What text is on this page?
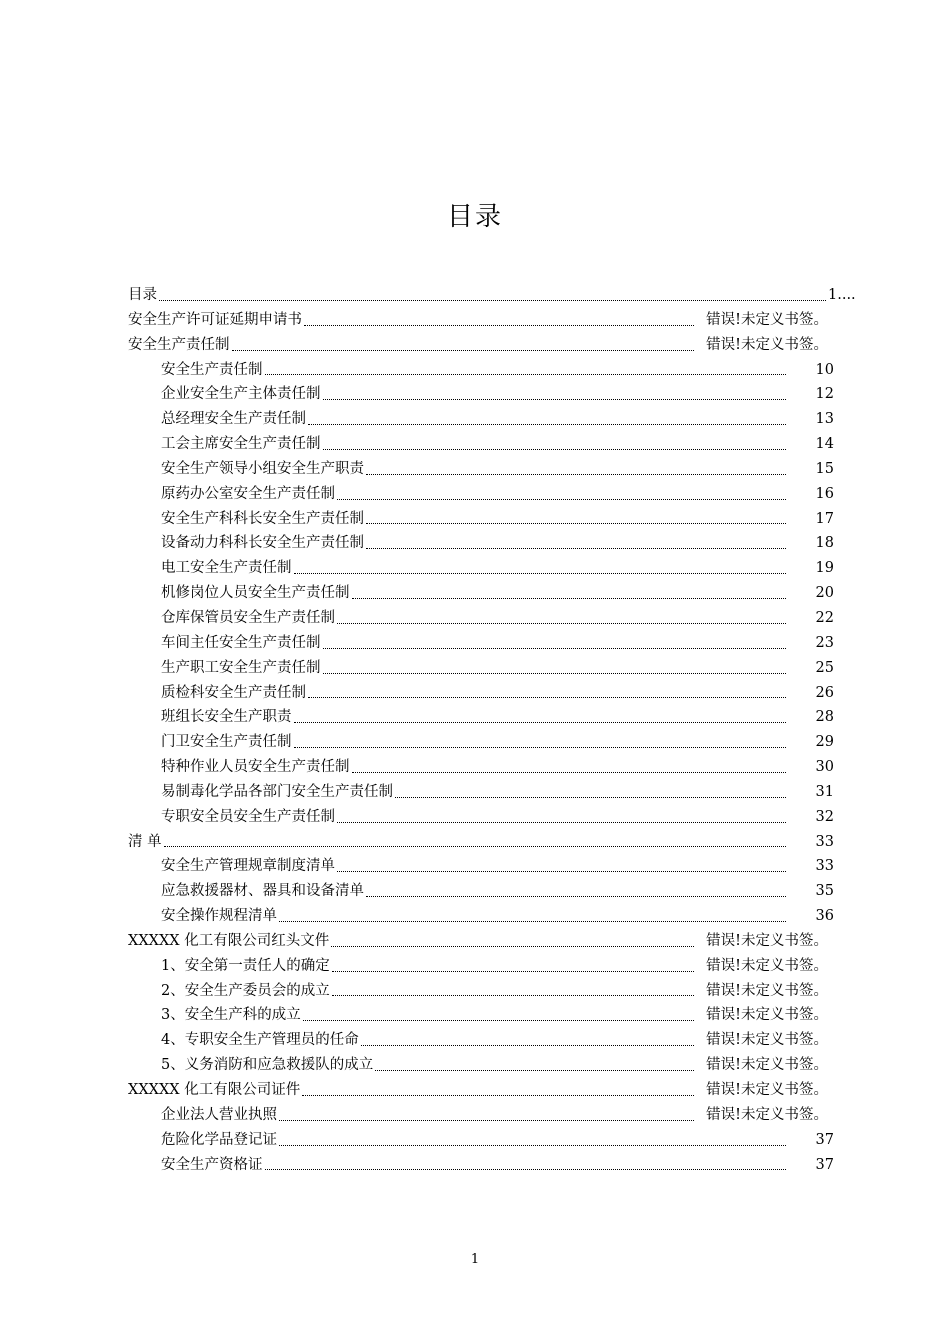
目录
目录	1....
安全生产许可证延期申请书	错误!未定义书签。
安全生产责任制	错误!未定义书签。
安全生产责任制	10
企业安全生产主体责任制	12
总经理安全生产责任制	13
工会主席安全生产责任制	14
安全生产领导小组安全生产职责	15
原药办公室安全生产责任制	16
安全生产科科长安全生产责任制	17
设备动力科科长安全生产责任制	18
电工安全生产责任制	19
机修岗位人员安全生产责任制	20
仓库保管员安全生产责任制	22
车间主任安全生产责任制	23
生产职工安全生产责任制	25
质检科安全生产责任制	26
班组长安全生产职责	28
门卫安全生产责任制	29
特种作业人员安全生产责任制	30
易制毒化学品各部门安全生产责任制	31
专职安全员安全生产责任制	32
清 单	33
安全生产管理规章制度清单	33
应急救援器材、器具和设备清单	35
安全操作规程清单	36
XXXXX 化工有限公司红头文件	错误!未定义书签。
1、安全第一责任人的确定	错误!未定义书签。
2、安全生产委员会的成立	错误!未定义书签。
3、安全生产科的成立	错误!未定义书签。
4、专职安全生产管理员的任命	错误!未定义书签。
5、义务消防和应急救援队的成立	错误!未定义书签。
XXXXX 化工有限公司证件	错误!未定义书签。
企业法人营业执照	错误!未定义书签。
危险化学品登记证	37
安全生产资格证	37
1
